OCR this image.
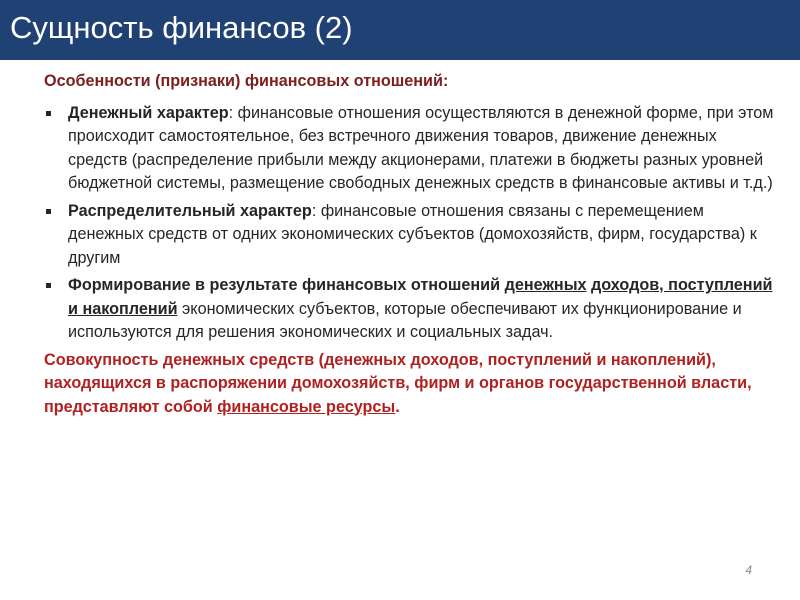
Сущность финансов (2)
Особенности (признаки) финансовых отношений:
Денежный характер: финансовые отношения осуществляются в денежной форме, при этом происходит самостоятельное, без встречного движения товаров, движение денежных средств (распределение прибыли между акционерами, платежи в бюджеты разных уровней бюджетной системы, размещение свободных денежных средств в финансовые активы и т.д.)
Распределительный характер: финансовые отношения связаны с перемещением денежных средств от одних экономических субъектов (домохозяйств, фирм, государства) к другим
Формирование в результате финансовых отношений денежных доходов, поступлений и накоплений экономических субъектов, которые обеспечивают их функционирование и используются для решения экономических и социальных задач.
Совокупность денежных средств (денежных доходов, поступлений и накоплений), находящихся в распоряжении домохозяйств, фирм и органов государственной власти, представляют собой финансовые ресурсы.
4
